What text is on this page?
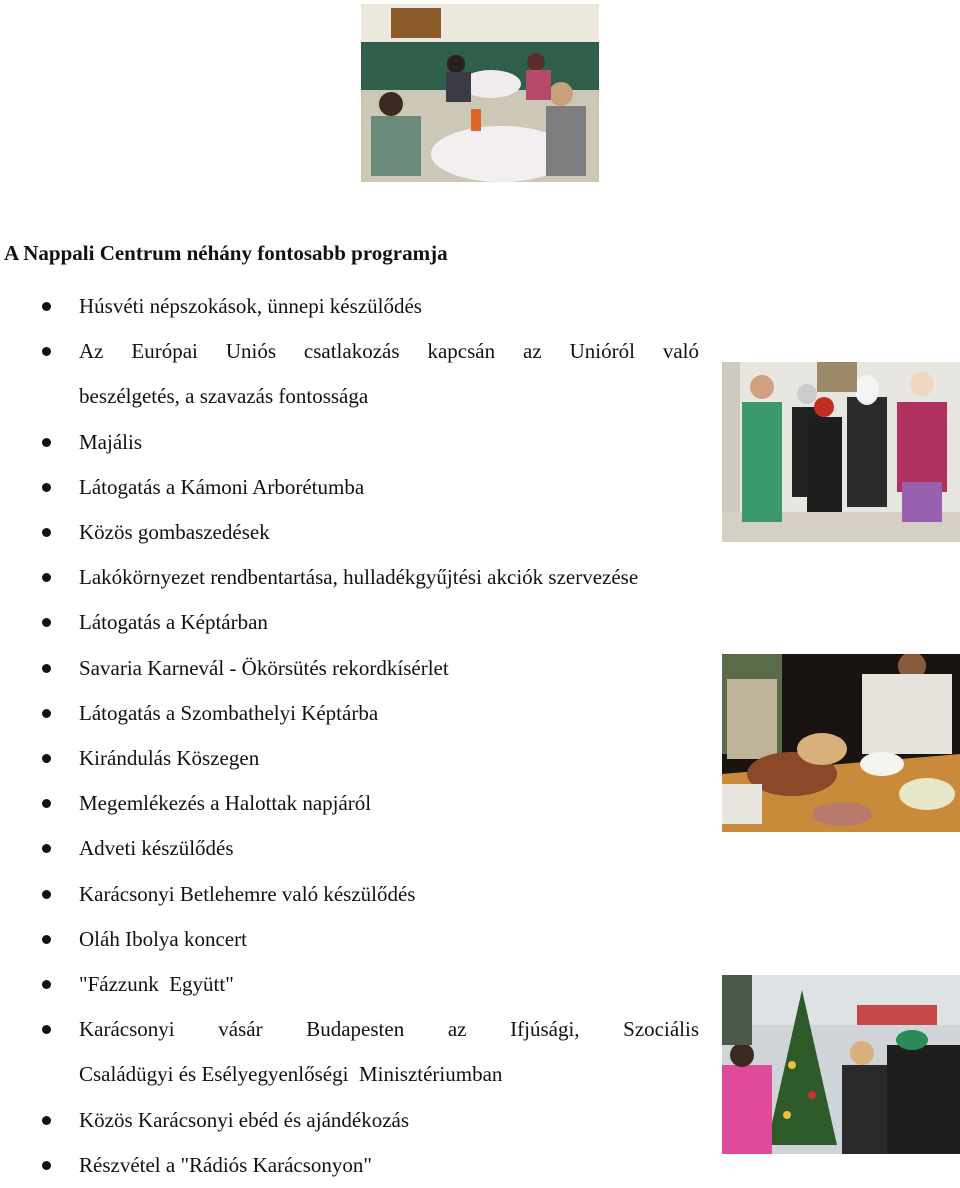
A Nappali Centrum néhány fontosabb programja
Húsvéti népszokások, ünnepi készülődés
Az Európai Uniós csatlakozás kapcsán az Unióról való
beszélgetés, a szavazás fontossága
Majális
Látogatás a Kámoni Arborétumba
Közös gombaszedések
Lakókörnyezet rendbentartása, hulladékgyűjtési akciók szervezése
Látogatás a Képtárban
Savaria Karnevál - Ökörsütés rekordkísérlet
Látogatás a Szombathelyi Képtárba
Kirándulás Köszegen
Megemlékezés a Halottak napjáról
Adveti készülődés
Karácsonyi Betlehemre való készülődés
Oláh Ibolya koncert
"Fázzunk  Együtt"
Karácsonyi vásár Budapesten az Ifjúsági, Szociális
Családügyi és Esélyegyenlőségi  Minisztériumban
Közös Karácsonyi ebéd és ajándékozás
Részvétel a "Rádiós Karácsonyon"
